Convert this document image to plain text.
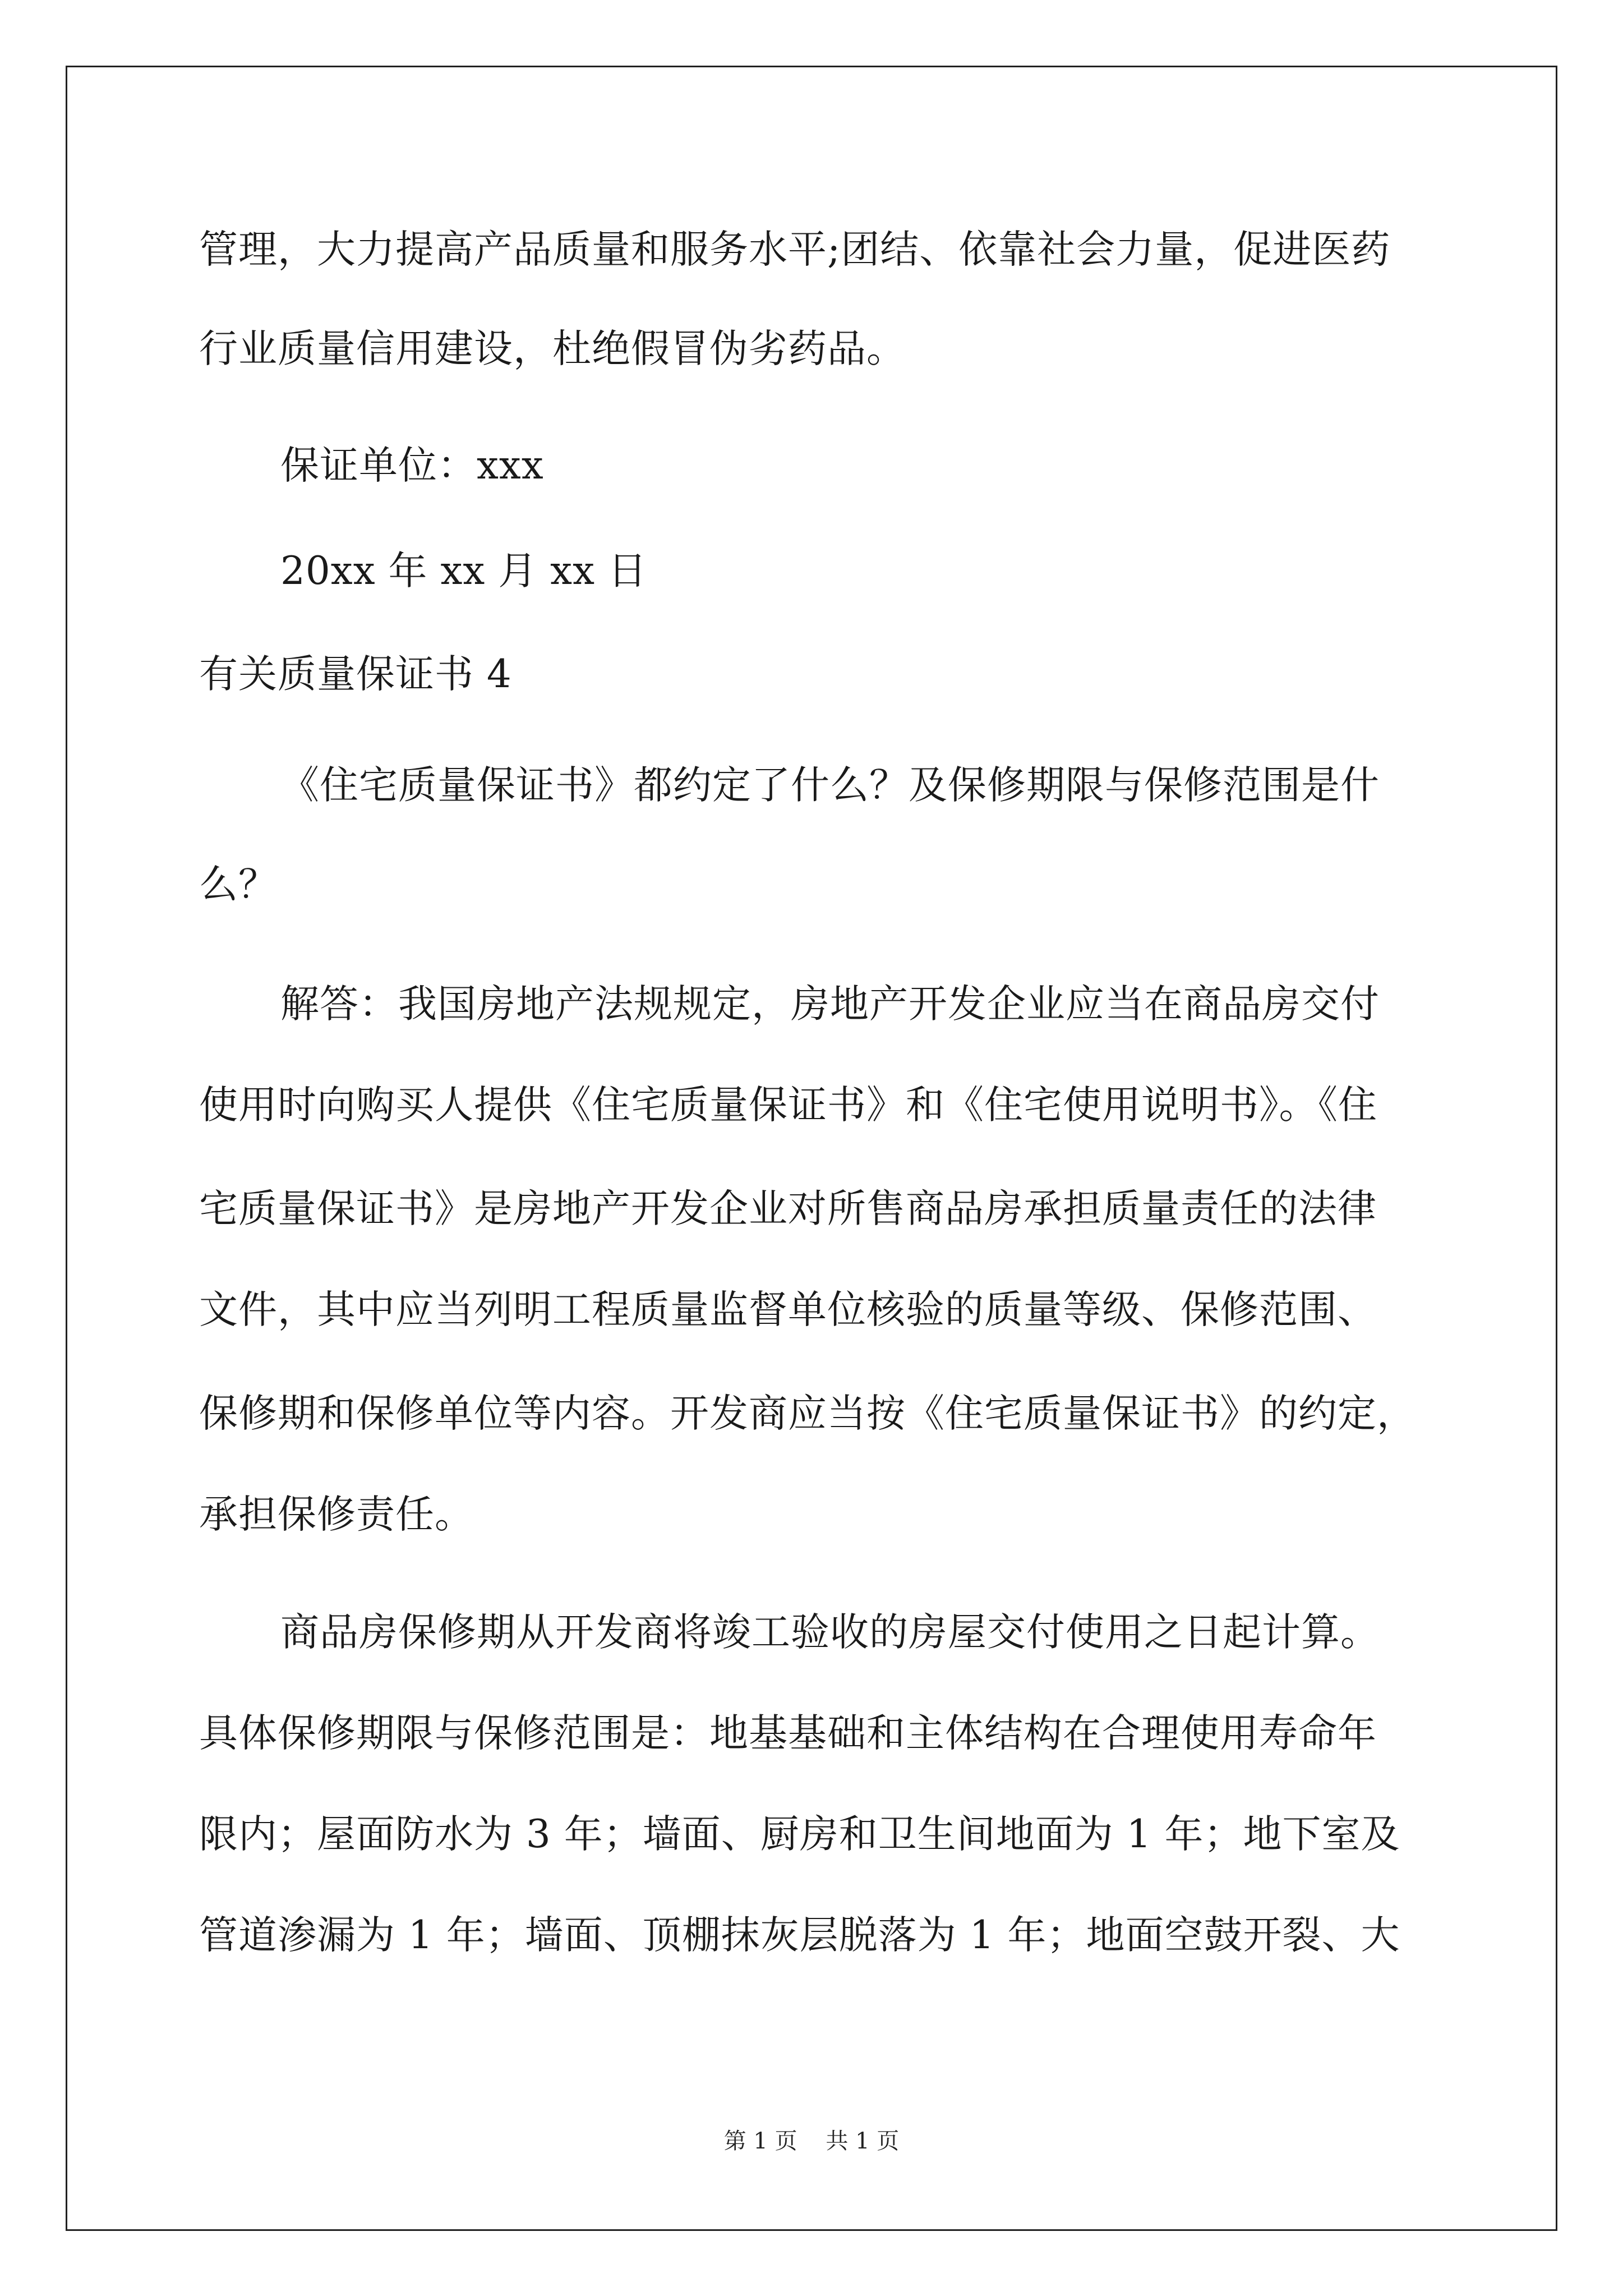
管理，大力提高产品质量和服务水平;团结、依靠社会力量，促进医药
行业质量信用建设，杜绝假冒伪劣药品。
保证单位：xxx
20xx 年 xx 月 xx 日
有关质量保证书 4
《住宅质量保证书》都约定了什么？及保修期限与保修范围是什
么？
解答：我国房地产法规规定，房地产开发企业应当在商品房交付
使用时向购买人提供《住宅质量保证书》和《住宅使用说明书》。《住
宅质量保证书》是房地产开发企业对所售商品房承担质量责任的法律
文件，其中应当列明工程质量监督单位核验的质量等级、保修范围、
保修期和保修单位等内容。开发商应当按《住宅质量保证书》的约定，
承担保修责任。
商品房保修期从开发商将竣工验收的房屋交付使用之日起计算。
具体保修期限与保修范围是：地基基础和主体结构在合理使用寿命年
限内；屋面防水为 3 年；墙面、厨房和卫生间地面为 1 年；地下室及
管道渗漏为 1 年；墙面、顶棚抹灰层脱落为 1 年；地面空鼓开裂、大
第 1 页    共 1 页
